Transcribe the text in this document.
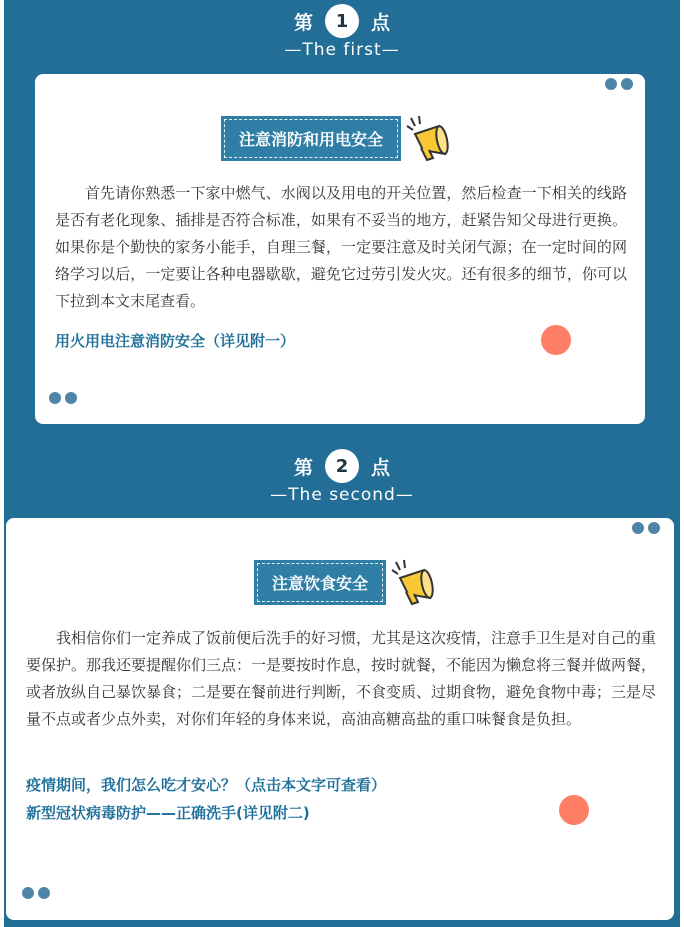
第	1	点
—The first—
注意消防和用电安全

首先请你熟悉一下家中燃气、水阀以及用电的开关位置，然后检查一下相关的线路是否有老化现象、插排是否符合标准，如果有不妥当的地方，赶紧告知父母进行更换。如果你是个勤快的家务小能手，自理三餐，一定要注意及时关闭气源；在一定时间的网络学习以后，一定要让各种电器歇歇，避免它过劳引发火灾。还有很多的细节，你可以下拉到本文末尾查看。

用火用电注意消防安全（详见附一）
第	2	点
—The second—
注意饮食安全

我相信你们一定养成了饭前便后洗手的好习惯，尤其是这次疫情，注意手卫生是对自己的重要保护。那我还要提醒你们三点：一是要按时作息，按时就餐，不能因为懒怠将三餐并做两餐，或者放纵自己暴饮暴食；二是要在餐前进行判断，不食变质、过期食物，避免食物中毒；三是尽量不点或者少点外卖，对你们年轻的身体来说，高油高糖高盐的重口味餐食是负担。

疫情期间，我们怎么吃才安心？（点击本文字可查看）
新型冠状病毒防护——正确洗手(详见附二)
